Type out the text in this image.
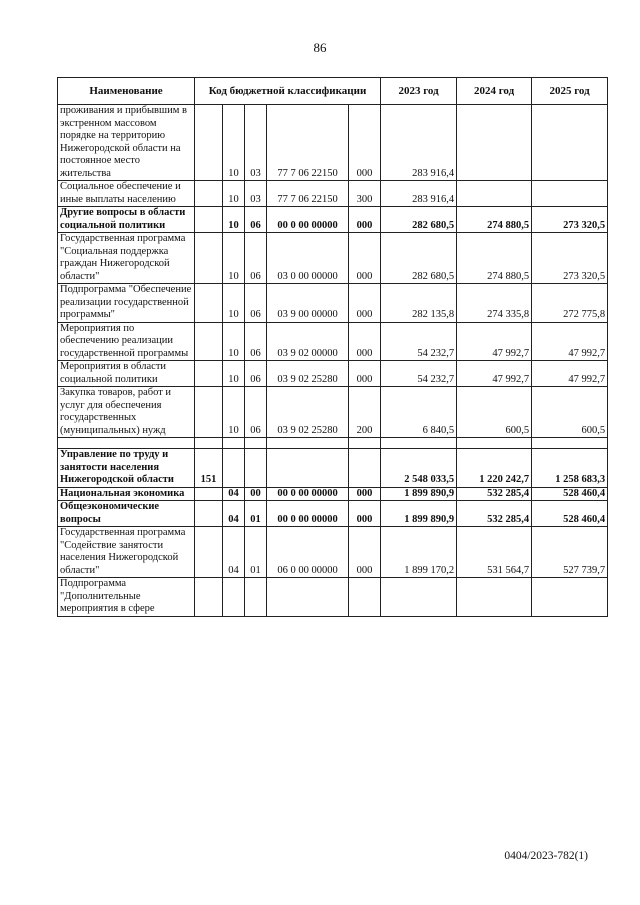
86
Наименование	Код бюджетной классификации					2023 год	2024 год	2025 год
проживания и прибывшим в экстренном массовом порядке на территорию Нижегородской области на постоянное место жительства		10	03	77 7 06 22150	000	283 916,4		
Социальное обеспечение и иные выплаты населению		10	03	77 7 06 22150	300	283 916,4		
Другие вопросы в области социальной политики		10	06	00 0 00 00000	000	282 680,5	274 880,5	273 320,5
Государственная программа "Социальная поддержка граждан Нижегородской области"		10	06	03 0 00 00000	000	282 680,5	274 880,5	273 320,5
Подпрограмма "Обеспечение реализации государственной программы"		10	06	03 9 00 00000	000	282 135,8	274 335,8	272 775,8
Мероприятия по обеспечению реализации государственной программы		10	06	03 9 02 00000	000	54 232,7	47 992,7	47 992,7
Мероприятия в области социальной политики		10	06	03 9 02 25280	000	54 232,7	47 992,7	47 992,7
Закупка товаров, работ и услуг для обеспечения государственных (муниципальных) нужд		10	06	03 9 02 25280	200	6 840,5	600,5	600,5

Управление по труду и занятости населения Нижегородской области	151					2 548 033,5	1 220 242,7	1 258 683,3
Национальная экономика		04	00	00 0 00 00000	000	1 899 890,9	532 285,4	528 460,4
Общеэкономические вопросы		04	01	00 0 00 00000	000	1 899 890,9	532 285,4	528 460,4
Государственная программа "Содействие занятости населения Нижегородской области"		04	01	06 0 00 00000	000	1 899 170,2	531 564,7	527 739,7
Подпрограмма "Дополнительные мероприятия в сфере								
0404/2023-782(1)
